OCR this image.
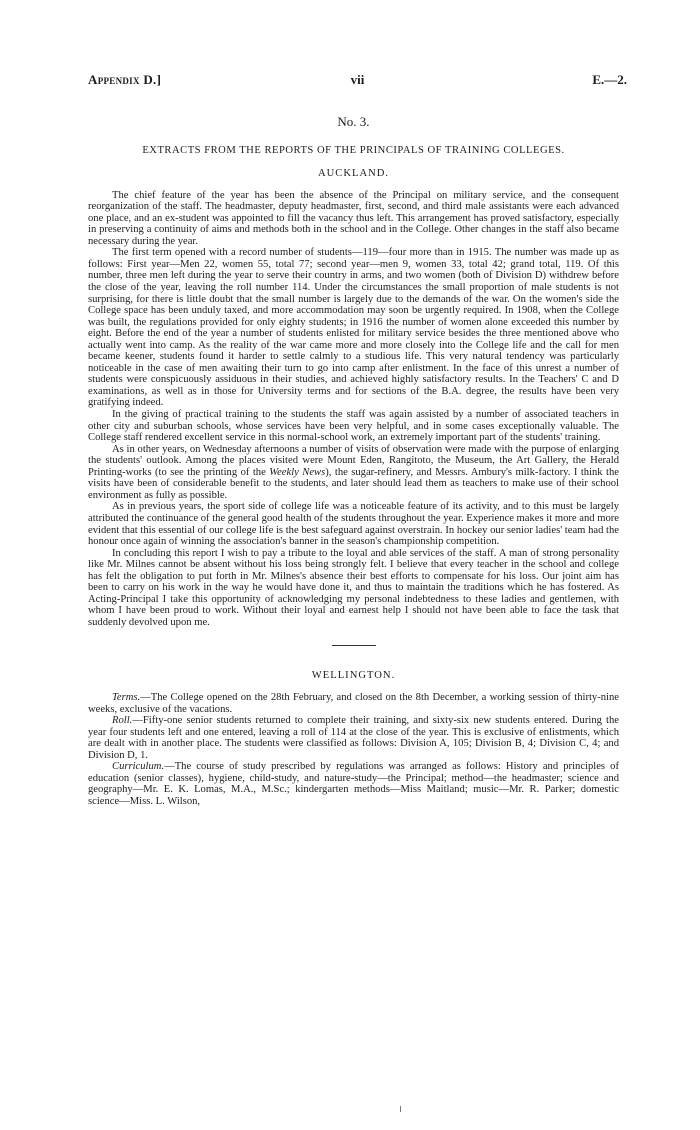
Appendix D.]	vii	E.—2.
No. 3.
EXTRACTS FROM THE REPORTS OF THE PRINCIPALS OF TRAINING COLLEGES.
AUCKLAND.

The chief feature of the year has been the absence of the Principal on military service, and the consequent reorganization of the staff. The headmaster, deputy headmaster, first, second, and third male assistants were each advanced one place, and an ex-student was appointed to fill the vacancy thus left. This arrangement has proved satisfactory, especially in preserving a continuity of aims and methods both in the school and in the College. Other changes in the staff also became necessary during the year.

The first term opened with a record number of students—119—four more than in 1915. The number was made up as follows: First year—Men 22, women 55, total 77; second year—men 9, women 33, total 42; grand total, 119. Of this number, three men left during the year to serve their country in arms, and two women (both of Division D) withdrew before the close of the year, leaving the roll number 114. Under the circumstances the small proportion of male students is not surprising, for there is little doubt that the small number is largely due to the demands of the war. On the women's side the College space has been unduly taxed, and more accommodation may soon be urgently required. In 1908, when the College was built, the regulations provided for only eighty students; in 1916 the number of women alone exceeded this number by eight. Before the end of the year a number of students enlisted for military service besides the three mentioned above who actually went into camp. As the reality of the war came more and more closely into the College life and the call for men became keener, students found it harder to settle calmly to a studious life. This very natural tendency was particularly noticeable in the case of men awaiting their turn to go into camp after enlistment. In the face of this unrest a number of students were conspicuously assiduous in their studies, and achieved highly satisfactory results. In the Teachers' C and D examinations, as well as in those for University terms and for sections of the B.A. degree, the results have been very gratifying indeed.

In the giving of practical training to the students the staff was again assisted by a number of associated teachers in other city and suburban schools, whose services have been very helpful, and in some cases exceptionally valuable. The College staff rendered excellent service in this normal-school work, an extremely important part of the students' training.

As in other years, on Wednesday afternoons a number of visits of observation were made with the purpose of enlarging the students' outlook. Among the places visited were Mount Eden, Rangitoto, the Museum, the Art Gallery, the Herald Printing-works (to see the printing of the Weekly News), the sugar-refinery, and Messrs. Ambury's milk-factory. I think the visits have been of considerable benefit to the students, and later should lead them as teachers to make use of their school environment as fully as possible.

As in previous years, the sport side of college life was a noticeable feature of its activity, and to this must be largely attributed the continuance of the general good health of the students throughout the year. Experience makes it more and more evident that this essential of our college life is the best safeguard against overstrain. In hockey our senior ladies' team had the honour once again of winning the association's banner in the season's championship competition.

In concluding this report I wish to pay a tribute to the loyal and able services of the staff. A man of strong personality like Mr. Milnes cannot be absent without his loss being strongly felt. I believe that every teacher in the school and college has felt the obligation to put forth in Mr. Milnes's absence their best efforts to compensate for his loss. Our joint aim has been to carry on his work in the way he would have done it, and thus to maintain the traditions which he has fostered. As Acting-Principal I take this opportunity of acknowledging my personal indebtedness to these ladies and gentlemen, with whom I have been proud to work. Without their loyal and earnest help I should not have been able to face the task that suddenly devolved upon me.

WELLINGTON.

Terms.—The College opened on the 28th February, and closed on the 8th December, a working session of thirty-nine weeks, exclusive of the vacations.

Roll.—Fifty-one senior students returned to complete their training, and sixty-six new students entered. During the year four students left and one entered, leaving a roll of 114 at the close of the year. This is exclusive of enlistments, which are dealt with in another place. The students were classified as follows: Division A, 105; Division B, 4; Division C, 4; and Division D, 1.

Curriculum.—The course of study prescribed by regulations was arranged as follows: History and principles of education (senior classes), hygiene, child-study, and nature-study—the Principal; method—the headmaster; science and geography—Mr. E. K. Lomas, M.A., M.Sc.; kindergarten methods—Miss Maitland; music—Mr. R. Parker; domestic science—Miss. L. Wilson,
